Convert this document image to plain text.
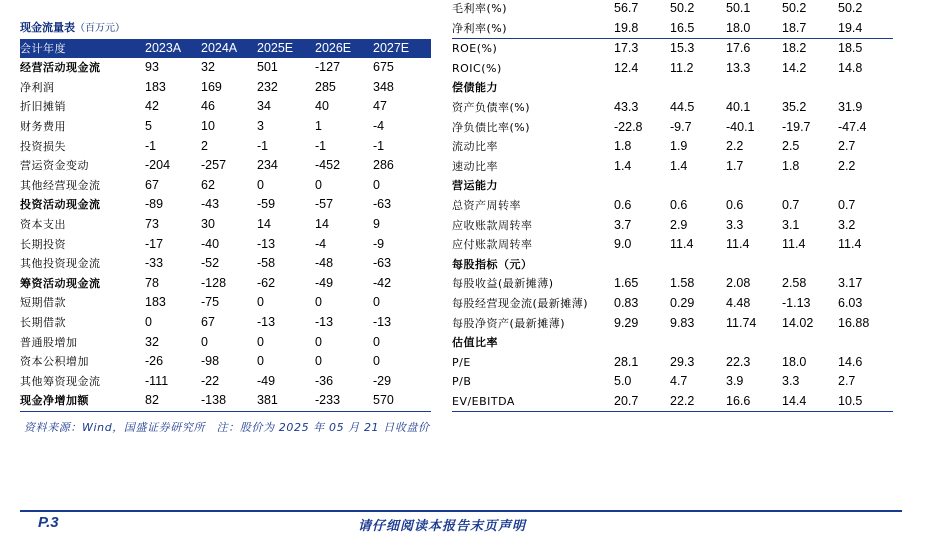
现金流量表（百万元）					
会计年度	2023A	2024A	2025E	2026E	2027E
经营活动现金流	93	32	501	-127	675
净利润	183	169	232	285	348
折旧摊销	42	46	34	40	47
财务费用	5	10	3	1	-4
投资损失	-1	2	-1	-1	-1
营运资金变动	-204	-257	234	-452	286
其他经营现金流	67	62	0	0	0
投资活动现金流	-89	-43	-59	-57	-63
资本支出	73	30	14	14	9
长期投资	-17	-40	-13	-4	-9
其他投资现金流	-33	-52	-58	-48	-63
筹资活动现金流	78	-128	-62	-49	-42
短期借款	183	-75	0	0	0
长期借款	0	67	-13	-13	-13
普通股增加	32	0	0	0	0
资本公积增加	-26	-98	0	0	0
其他筹资现金流	-111	-22	-49	-36	-29
现金净增加额	82	-138	381	-233	570
毛利率(%)	56.7	50.2	50.1	50.2	50.2
净利率(%)	19.8	16.5	18.0	18.7	19.4
ROE(%)	17.3	15.3	17.6	18.2	18.5
ROIC(%)	12.4	11.2	13.3	14.2	14.8
偿债能力					
资产负债率(%)	43.3	44.5	40.1	35.2	31.9
净负债比率(%)	-22.8	-9.7	-40.1	-19.7	-47.4
流动比率	1.8	1.9	2.2	2.5	2.7
速动比率	1.4	1.4	1.7	1.8	2.2
营运能力					
总资产周转率	0.6	0.6	0.6	0.7	0.7
应收账款周转率	3.7	2.9	3.3	3.1	3.2
应付账款周转率	9.0	11.4	11.4	11.4	11.4
每股指标（元）					
每股收益(最新摊薄)	1.65	1.58	2.08	2.58	3.17
每股经营现金流(最新摊薄)	0.83	0.29	4.48	-1.13	6.03
每股净资产(最新摊薄)	9.29	9.83	11.74	14.02	16.88
估值比率					
P/E	28.1	29.3	22.3	18.0	14.6
P/B	5.0	4.7	3.9	3.3	2.7
EV/EBITDA	20.7	22.2	16.6	14.4	10.5
资料来源：Wind，国盛证券研究所　注：股价为 2025 年 05 月 21 日收盘价
P.3	请仔细阅读本报告末页声明
